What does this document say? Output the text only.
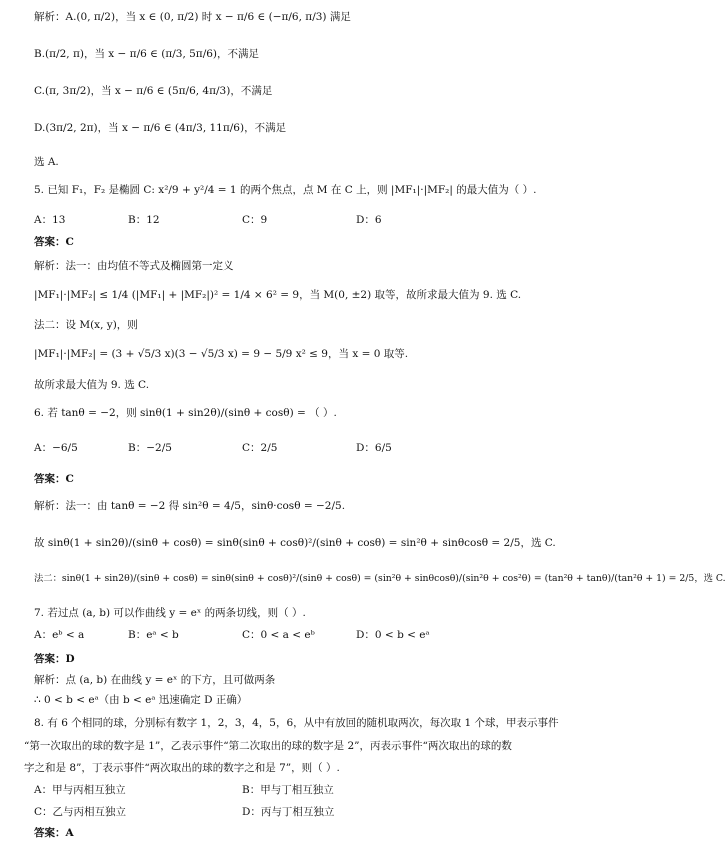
解析：A.(0, π/2)，当 x ∈ (0, π/2) 时 x − π/6 ∈ (−π/6, π/3) 满足
B.(π/2, π)，当 x − π/6 ∈ (π/3, 5π/6)，不满足
C.(π, 3π/2)，当 x − π/6 ∈ (5π/6, 4π/3)，不满足
D.(3π/2, 2π)，当 x − π/6 ∈ (4π/3, 11π/6)，不满足
选 A.
5. 已知 F₁，F₂ 是椭圆 C: x²/9 + y²/4 = 1 的两个焦点，点 M 在 C 上，则 |MF₁|·|MF₂| 的最大值为（ ）.
A：13	B：12	C：9	D：6
答案：C
解析：法一：由均值不等式及椭圆第一定义
|MF₁|·|MF₂| ≤ 1/4 (|MF₁| + |MF₂|)² = 1/4 × 6² = 9，当 M(0, ±2) 取等，故所求最大值为 9. 选 C.
法二：设 M(x, y)，则
|MF₁|·|MF₂| = (3 + √5/3 x)(3 − √5/3 x) = 9 − 5/9 x² ≤ 9，当 x = 0 取等.
故所求最大值为 9. 选 C.
6. 若 tanθ = −2，则 sinθ(1 + sin2θ)/(sinθ + cosθ) = （ ）.
A：−6/5	B：−2/5	C：2/5	D：6/5
答案：C
解析：法一：由 tanθ = −2 得 sin²θ = 4/5，sinθ·cosθ = −2/5.
故 sinθ(1 + sin2θ)/(sinθ + cosθ) = sinθ(sinθ + cosθ)²/(sinθ + cosθ) = sin²θ + sinθcosθ = 2/5，选 C.
法二：sinθ(1 + sin2θ)/(sinθ + cosθ) = sinθ(sinθ + cosθ)²/(sinθ + cosθ) = (sin²θ + sinθcosθ)/(sin²θ + cos²θ) = (tan²θ + tanθ)/(tan²θ + 1) = 2/5，选 C.
7. 若过点 (a, b) 可以作曲线 y = eˣ 的两条切线，则（ ）.
A：eᵇ < a	B：eᵃ < b	C：0 < a < eᵇ	D：0 < b < eᵃ
答案：D
解析：点 (a, b) 在曲线 y = eˣ 的下方，且可做两条
∴ 0 < b < eᵃ（由 b < eᵃ 迅速确定 D 正确）
8. 有 6 个相同的球，分别标有数字 1，2，3，4，5，6，从中有放回的随机取两次，每次取 1 个球，甲表示事件
“第一次取出的球的数字是 1”，乙表示事件“第二次取出的球的数字是 2”，丙表示事件“两次取出的球的数
字之和是 8”，丁表示事件“两次取出的球的数字之和是 7”，则（ ）.
A：甲与丙相互独立	B：甲与丁相互独立
C：乙与丙相互独立	D：丙与丁相互独立
答案：A
